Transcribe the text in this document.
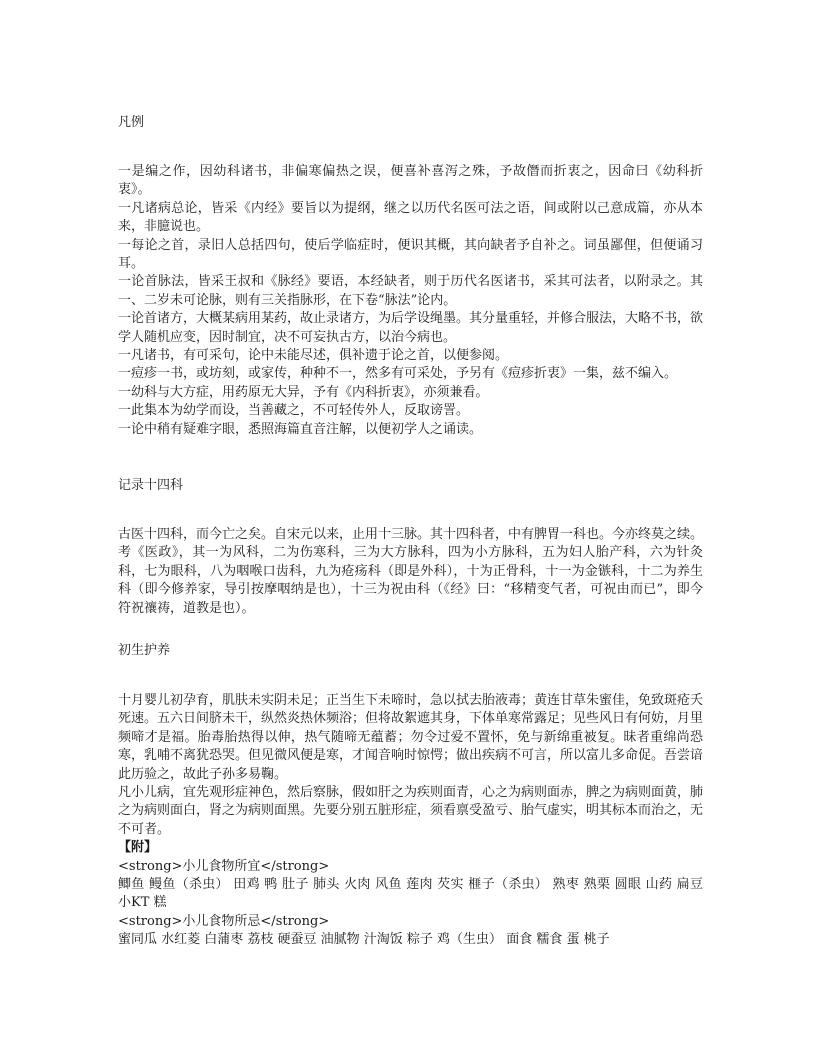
凡例

一是编之作，因幼科诸书，非偏寒偏热之误，便喜补喜泻之殊，予故僭而折衷之，因命曰《幼科折衷》。

一凡诸病总论，皆采《内经》要旨以为提纲，继之以历代名医可法之语，间或附以己意成篇，亦从本来，非臆说也。

一每论之首，录旧人总括四句，使后学临症时，便识其概，其向缺者予自补之。词虽鄙俚，但便诵习耳。

一论首脉法，皆采王叔和《脉经》要语，本经缺者，则于历代名医诸书，采其可法者，以附录之。其一、二岁未可论脉，则有三关指脉形，在下卷“脉法”论内。

一论首诸方，大概某病用某药，故止录诸方，为后学设绳墨。其分量重轻，并修合服法，大略不书，欲学人随机应变，因时制宜，决不可妄执古方，以治今病也。

一凡诸书，有可采句，论中未能尽述，俱补遗于论之首，以便参阅。

一痘疹一书，或坊刻，或家传，种种不一，然多有可采处，予另有《痘疹折衷》一集，兹不编入。

一幼科与大方症，用药原无大异，予有《内科折衷》，亦须兼看。

一此集本为幼学而设，当善藏之，不可轻传外人，反取谤詈。

一论中稍有疑难字眼，悉照海篇直音注解，以便初学人之诵读。

记录十四科

古医十四科，而今亡之矣。自宋元以来，止用十三脉。其十四科者，中有脾胃一科也。今亦终莫之续。考《医政》，其一为风科，二为伤寒科，三为大方脉科，四为小方脉科，五为妇人胎产科，六为针灸科，七为眼科，八为咽喉口齿科，九为疮疡科（即是外科），十为正骨科，十一为金镞科，十二为养生科（即今修养家，导引按摩咽纳是也），十三为祝由科（《经》曰：“移精变气者，可祝由而已”，即今符祝禳祷，道教是也）。

初生护养

十月婴儿初孕育，肌肤未实阴未足；正当生下未啼时，急以拭去胎液毒；黄连甘草朱蜜佳，免致斑疮夭死速。五六日间脐未干，纵然炎热休频浴；但将故絮遮其身，下体单寒常露足；见些风日有何妨，月里频啼才是福。胎毒胎热得以伸，热气随啼无蕴蓄；勿令过爱不置怀，免与新绵重被复。昧者重绵尚恐寒，乳哺不离犹恐哭。但见微风便是寒，才闻音响时惊愕；做出疾病不可言，所以富儿多命促。吾尝谙此历验之，故此子孙多易鞠。

凡小儿病，宜先观形症神色，然后察脉，假如肝之为疾则面青，心之为病则面赤，脾之为病则面黄，肺之为病则面白，肾之为病则面黑。先要分别五脏形症，须看禀受盈亏、胎气虚实，明其标本而治之，无不可者。

【附】

<strong>小儿食物所宜</strong>

鲫鱼 鳗鱼（杀虫） 田鸡 鸭 肚子 肺头 火肉 风鱼 莲肉 芡实 榧子（杀虫） 熟枣 熟栗 圆眼 山药 扁豆 小KT 糕

<strong>小儿食物所忌</strong>

蜜同瓜 水红菱 白蒲枣 荔枝 硬蚕豆 油腻物 汁淘饭 粽子 鸡（生虫） 面食 糯食 蛋 桃子
